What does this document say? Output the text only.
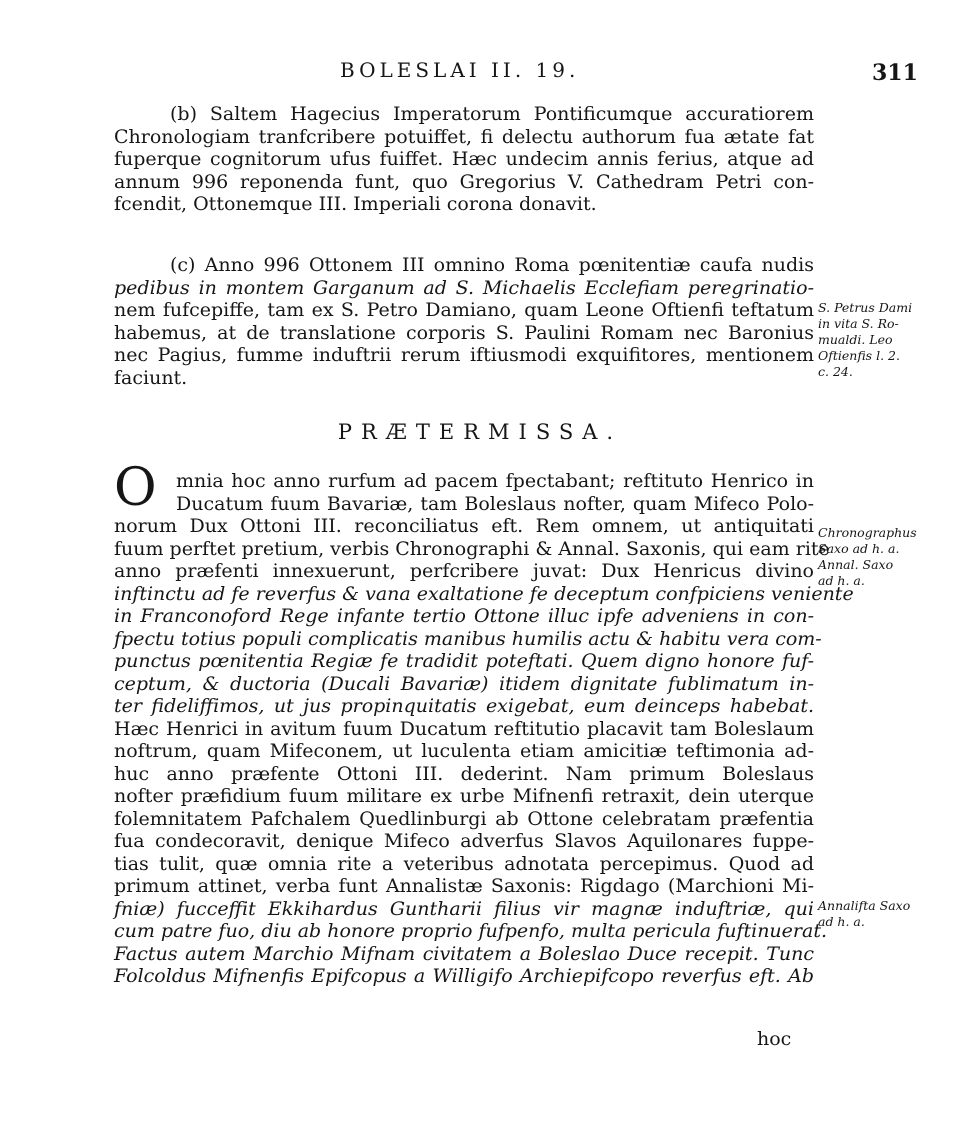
BOLESLAI II. 19.	311
(b) Saltem Hagecius Imperatorum Pontificumque accuratiorem
Chronologiam tranfcribere potuiffet, fi delectu authorum fua ætate fat
fuperque cognitorum ufus fuiffet. Hæc undecim annis ferius, atque ad
annum 996 reponenda funt, quo Gregorius V. Cathedram Petri con-
fcendit, Ottonemque III. Imperiali corona donavit.
(c) Anno 996 Ottonem III omnino Roma pœnitentiæ caufa nudis
pedibus in montem Garganum ad S. Michaelis Ecclefiam peregrinatio-
nem fufcepiffe, tam ex S. Petro Damiano, quam Leone Oftienfi teftatum
habemus, at de translatione corporis S. Paulini Romam nec Baronius
nec Pagius, fumme induftrii rerum iftiusmodi exquifitores, mentionem
faciunt.
PRÆTERMISSA.
O	mnia hoc anno rurfum ad pacem fpectabant; reftituto Henrico in
Ducatum fuum Bavariæ, tam Boleslaus nofter, quam Mifeco Polo-
norum Dux Ottoni III. reconciliatus eft. Rem omnem, ut antiquitati
fuum perftet pretium, verbis Chronographi & Annal. Saxonis, qui eam rite
anno præfenti innexuerunt, perfcribere juvat: Dux Henricus divino
inftinctu ad fe reverfus & vana exaltatione fe deceptum confpiciens veniente
in Franconoford Rege infante tertio Ottone illuc ipfe adveniens in con-
fpectu totius populi complicatis manibus humilis actu & habitu vera com-
punctus pœnitentia Regiæ fe tradidit poteftati. Quem digno honore fuf-
ceptum, & ductoria (Ducali Bavariæ) itidem dignitate fublimatum in-
ter fideliffimos, ut jus propinquitatis exigebat, eum deinceps habebat.
Hæc Henrici in avitum fuum Ducatum reftitutio placavit tam Boleslaum
noftrum, quam Mifeconem, ut luculenta etiam amicitiæ teftimonia ad-
huc anno præfente Ottoni III. dederint. Nam primum Boleslaus
nofter præfidium fuum militare ex urbe Mifnenfi retraxit, dein uterque
folemnitatem Pafchalem Quedlinburgi ab Ottone celebratam præfentia
fua condecoravit, denique Mifeco adverfus Slavos Aquilonares fuppe-
tias tulit, quæ omnia rite a veteribus adnotata percepimus. Quod ad
primum attinet, verba funt Annalistæ Saxonis: Rigdago (Marchioni Mi-
fniæ) fucceffit Ekkihardus Guntharii filius vir magnæ induftriæ, qui
cum patre fuo, diu ab honore proprio fufpenfo, multa pericula fuftinuerat.
Factus autem Marchio Mifnam civitatem a Boleslao Duce recepit. Tunc
Folcoldus Mifnenfis Epifcopus a Willigifo Archiepifcopo reverfus eft. Ab
hoc
S. Petrus Dami
in vita S. Ro-
mualdi. Leo
Oftienfis l. 2.
c. 24.
Chronographus
Saxo ad h. a.
Annal. Saxo
ad h. a.
Annalifta Saxo
ad h. a.
